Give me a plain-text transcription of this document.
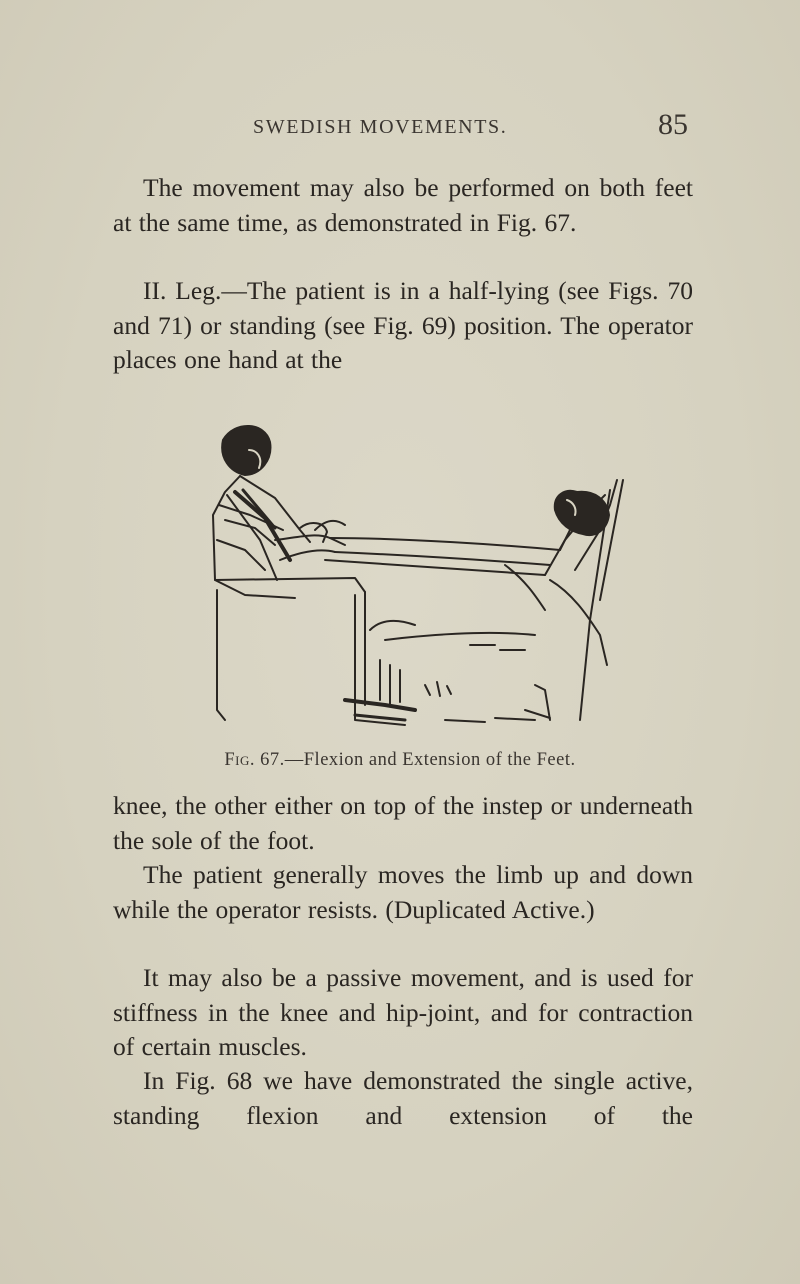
SWEDISH MOVEMENTS.	85

The movement may also be performed on both feet at the same time, as demonstrated in Fig. 67.

II. Leg.—The patient is in a half-lying (see Figs. 70 and 71) or standing (see Fig. 69) position. The operator places one hand at the

Fig. 67.—Flexion and Extension of the Feet.

knee, the other either on top of the instep or underneath the sole of the foot.

The patient generally moves the limb up and down while the operator resists. (Duplicated Active.)

It may also be a passive movement, and is used for stiffness in the knee and hip-joint, and for contraction of certain muscles.

In Fig. 68 we have demonstrated the single active, standing flexion and extension of the
